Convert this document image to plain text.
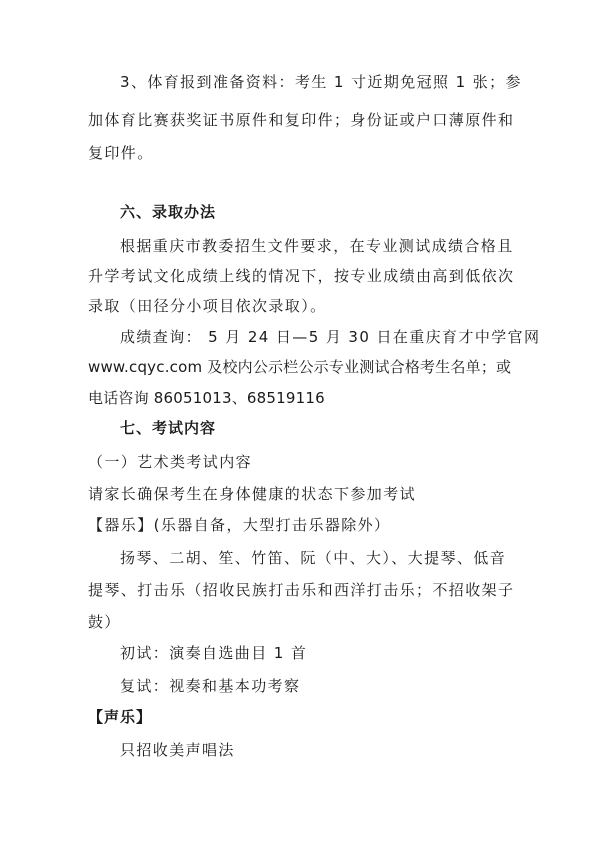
3、体育报到准备资料：考生 1 寸近期免冠照 1 张；参
加体育比赛获奖证书原件和复印件；身份证或户口薄原件和
复印件。
六、录取办法
根据重庆市教委招生文件要求，在专业测试成绩合格且
升学考试文化成绩上线的情况下，按专业成绩由高到低依次
录取（田径分小项目依次录取）。
成绩查询： 5 月 24 日—5 月 30 日在重庆育才中学官网
www.cqyc.com 及校内公示栏公示专业测试合格考生名单；或
电话咨询 86051013、68519116
七、考试内容
（一）艺术类考试内容
请家长确保考生在身体健康的状态下参加考试
【器乐】(乐器自备，大型打击乐器除外）
扬琴、二胡、笙、竹笛、阮（中、大）、大提琴、低音
提琴、打击乐（招收民族打击乐和西洋打击乐；不招收架子
鼓）
初试：演奏自选曲目 1 首
复试：视奏和基本功考察
【声乐】
只招收美声唱法
